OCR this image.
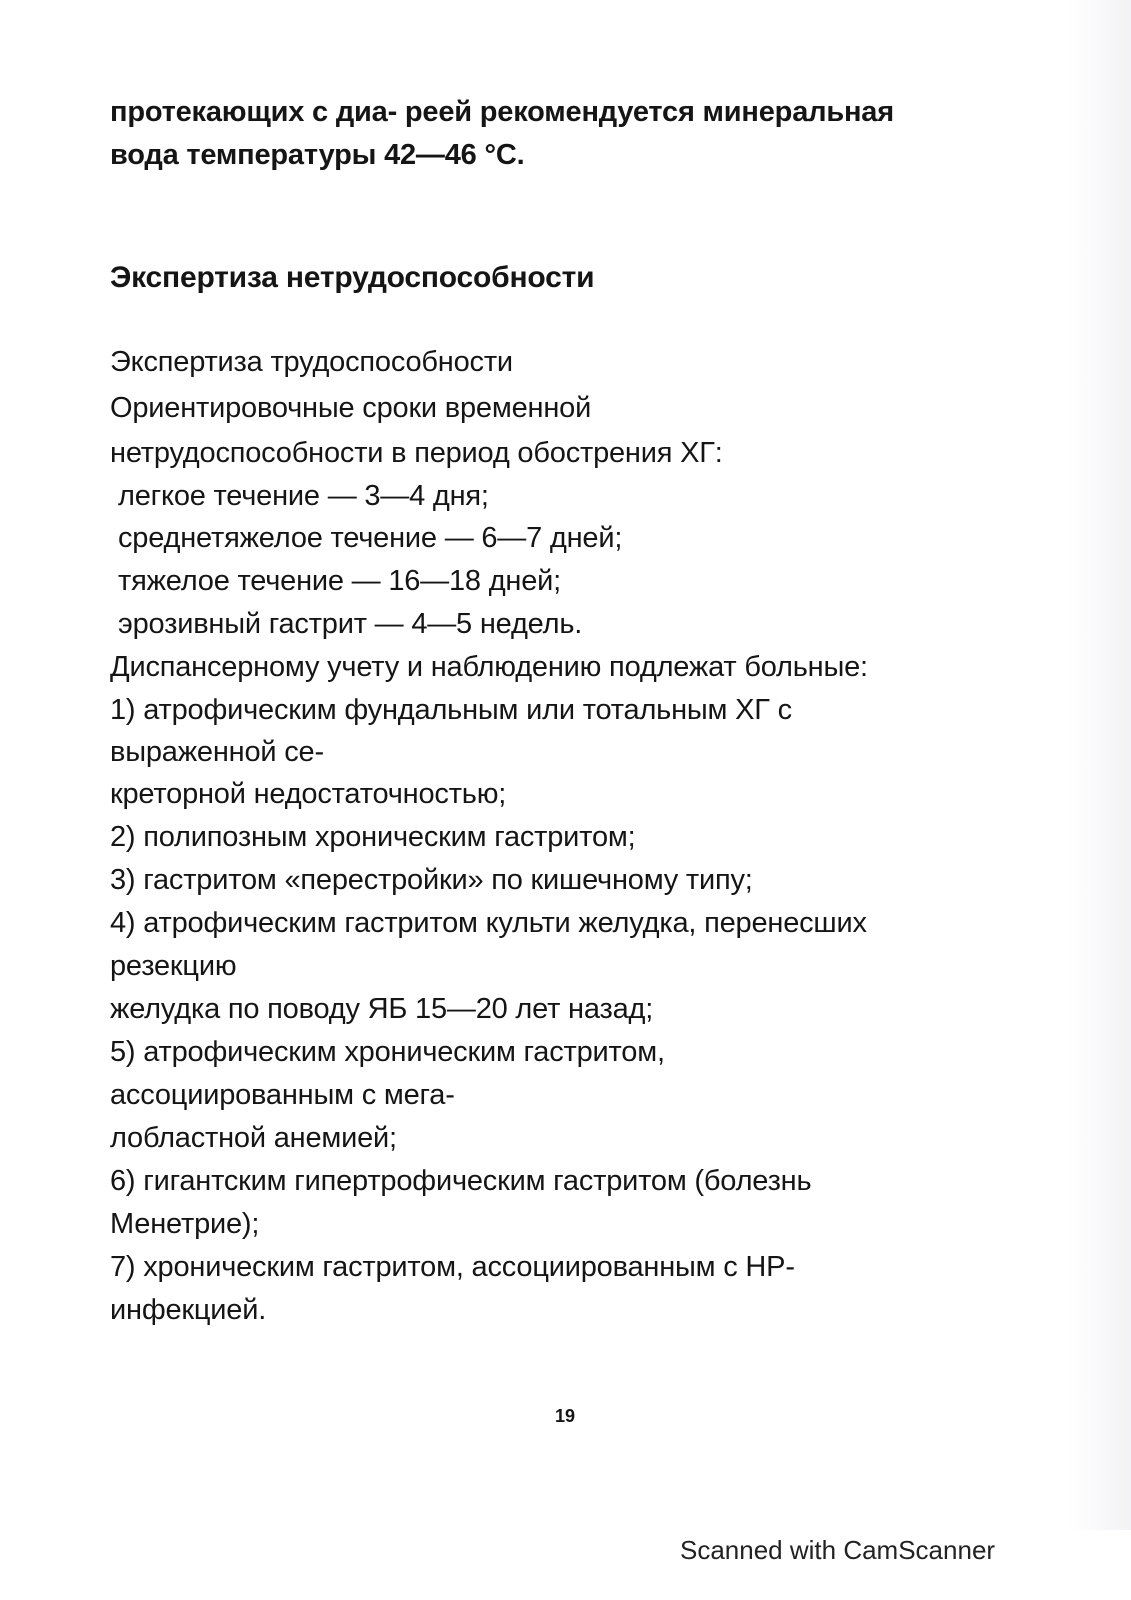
протекающих с диа- реей рекомендуется минеральная
вода температуры 42—46 °С.
Экспертиза нетрудоспособности
Экспертиза трудоспособности
Ориентировочные сроки временной
нетрудоспособности в период обострения ХГ:
легкое течение — 3—4 дня;
среднетяжелое течение — 6—7 дней;
тяжелое течение — 16—18 дней;
эрозивный гастрит — 4—5 недель.
Диспансерному учету и наблюдению подлежат больные:
1) атрофическим фундальным или тотальным ХГ с
выраженной се-
креторной недостаточностью;
2) полипозным хроническим гастритом;
3) гастритом «перестройки» по кишечному типу;
4) атрофическим гастритом культи желудка, перенесших
резекцию
желудка по поводу ЯБ 15—20 лет назад;
5) атрофическим хроническим гастритом,
ассоциированным с мега-
лобластной анемией;
6) гигантским гипертрофическим гастритом (болезнь
Менетрие);
7) хроническим гастритом, ассоциированным с НР-
инфекцией.
19
Scanned with CamScanner
